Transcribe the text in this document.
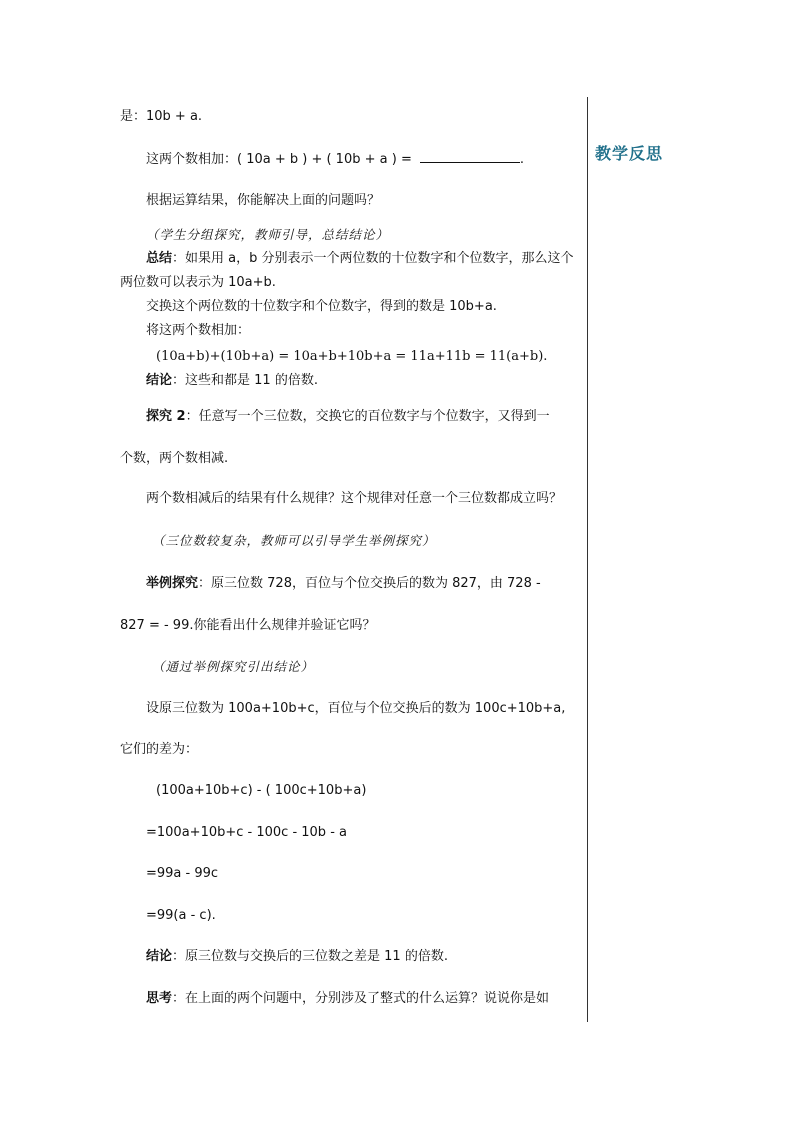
是：10b + a.
这两个数相加：( 10a + b ) + ( 10b + a ) =	.
根据运算结果，你能解决上面的问题吗？
（学生分组探究，教师引导，总结结论）
总结：如果用 a，b 分别表示一个两位数的十位数字和个位数字，那么这个
两位数可以表示为 10a+b.
交换这个两位数的十位数字和个位数字，得到的数是 10b+a.
将这两个数相加：
(10a+b)+(10b+a) = 10a+b+10b+a = 11a+11b = 11(a+b).
结论：这些和都是 11 的倍数.
探究 2：任意写一个三位数，交换它的百位数字与个位数字，又得到一
个数，两个数相减.
两个数相减后的结果有什么规律？这个规律对任意一个三位数都成立吗？
（三位数较复杂，教师可以引导学生举例探究）
举例探究：原三位数 728，百位与个位交换后的数为 827，由 728 -
827 = - 99.你能看出什么规律并验证它吗？
（通过举例探究引出结论）
设原三位数为 100a+10b+c，百位与个位交换后的数为 100c+10b+a,
它们的差为：
(100a+10b+c) - ( 100c+10b+a)
=100a+10b+c - 100c - 10b - a
=99a - 99c
=99(a - c).
结论：原三位数与交换后的三位数之差是 11 的倍数.
思考：在上面的两个问题中，分别涉及了整式的什么运算？说说你是如
教学反思
